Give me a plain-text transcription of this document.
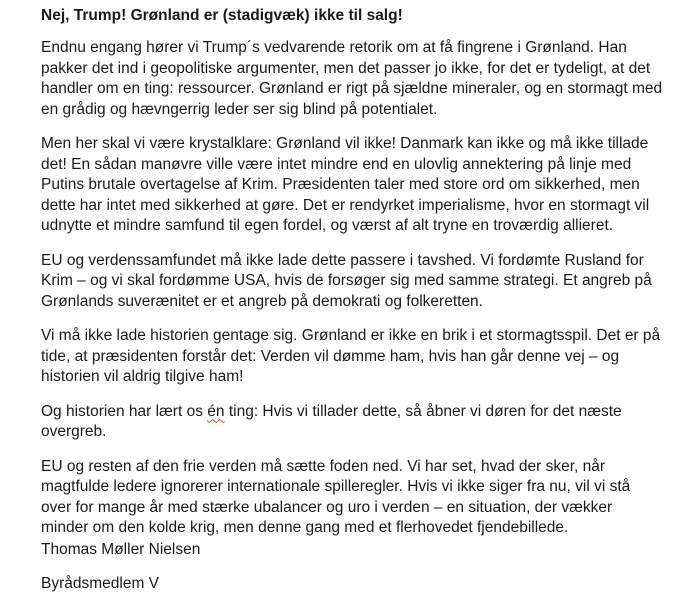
Nej, Trump! Grønland er (stadigvæk) ikke til salg!
Endnu engang hører vi Trump´s vedvarende retorik om at få fingrene i Grønland. Han
pakker det ind i geopolitiske argumenter, men det passer jo ikke, for det er tydeligt, at det
handler om en ting: ressourcer. Grønland er rigt på sjældne mineraler, og en stormagt med
en grådig og hævngerrig leder ser sig blind på potentialet.
Men her skal vi være krystalklare: Grønland vil ikke! Danmark kan ikke og må ikke tillade
det! En sådan manøvre ville være intet mindre end en ulovlig annektering på linje med
Putins brutale overtagelse af Krim. Præsidenten taler med store ord om sikkerhed, men
dette har intet med sikkerhed at gøre. Det er rendyrket imperialisme, hvor en stormagt vil
udnytte et mindre samfund til egen fordel, og værst af alt tryne en troværdig allieret.
EU og verdenssamfundet må ikke lade dette passere i tavshed. Vi fordømte Rusland for
Krim – og vi skal fordømme USA, hvis de forsøger sig med samme strategi. Et angreb på
Grønlands suverænitet er et angreb på demokrati og folkeretten.
Vi må ikke lade historien gentage sig. Grønland er ikke en brik i et stormagtsspil. Det er på
tide, at præsidenten forstår det: Verden vil dømme ham, hvis han går denne vej – og
historien vil aldrig tilgive ham!
Og historien har lært os én ting: Hvis vi tillader dette, så åbner vi døren for det næste
overgreb.
EU og resten af den frie verden må sætte foden ned. Vi har set, hvad der sker, når
magtfulde ledere ignorerer internationale spilleregler. Hvis vi ikke siger fra nu, vil vi stå
over for mange år med stærke ubalancer og uro i verden – en situation, der vækker
minder om den kolde krig, men denne gang med et flerhovedet fjendebillede.
Thomas Møller Nielsen
Byrådsmedlem V
